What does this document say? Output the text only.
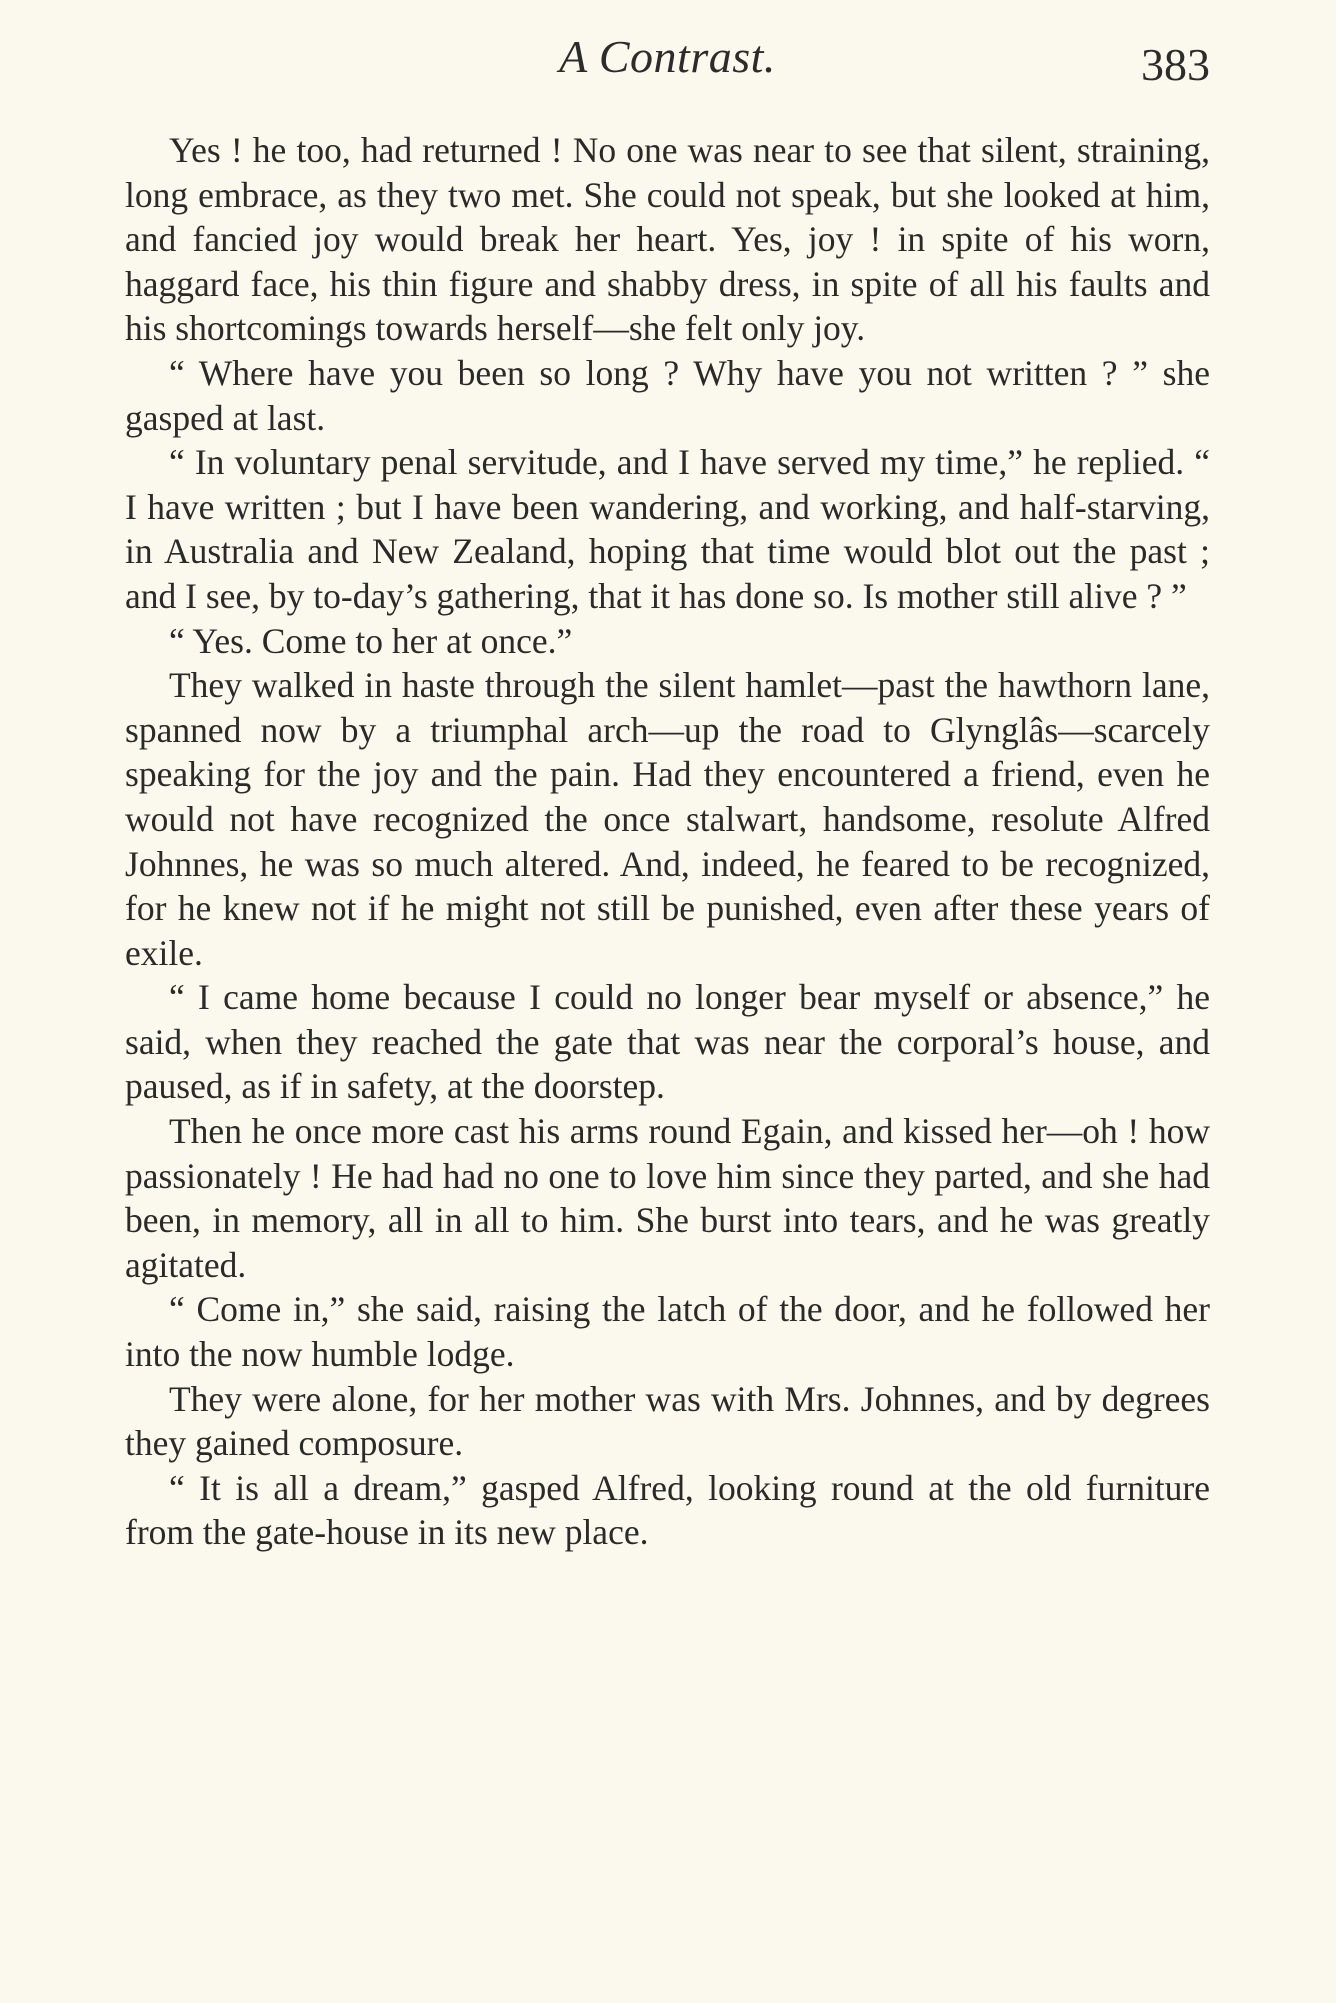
A Contrast.	383

Yes ! he too, had returned ! No one was near to see that silent, straining, long embrace, as they two met. She could not speak, but she looked at him, and fancied joy would break her heart. Yes, joy ! in spite of his worn, haggard face, his thin figure and shabby dress, in spite of all his faults and his shortcomings towards herself—she felt only joy.

“ Where have you been so long ? Why have you not written ? ” she gasped at last.

“ In voluntary penal servitude, and I have served my time,” he replied. “ I have written ; but I have been wandering, and working, and half-starving, in Australia and New Zealand, hoping that time would blot out the past ; and I see, by to-day’s gathering, that it has done so. Is mother still alive ? ”

“ Yes. Come to her at once.”

They walked in haste through the silent hamlet—past the hawthorn lane, spanned now by a triumphal arch—up the road to Glynglâs—scarcely speaking for the joy and the pain. Had they encountered a friend, even he would not have recognized the once stalwart, handsome, resolute Alfred Johnnes, he was so much altered. And, indeed, he feared to be recognized, for he knew not if he might not still be punished, even after these years of exile.

“ I came home because I could no longer bear myself or absence,” he said, when they reached the gate that was near the corporal’s house, and paused, as if in safety, at the doorstep.

Then he once more cast his arms round Egain, and kissed her—oh ! how passionately ! He had had no one to love him since they parted, and she had been, in memory, all in all to him. She burst into tears, and he was greatly agitated.

“ Come in,” she said, raising the latch of the door, and he followed her into the now humble lodge.

They were alone, for her mother was with Mrs. Johnnes, and by degrees they gained composure.

“ It is all a dream,” gasped Alfred, looking round at the old furniture from the gate-house in its new place.
